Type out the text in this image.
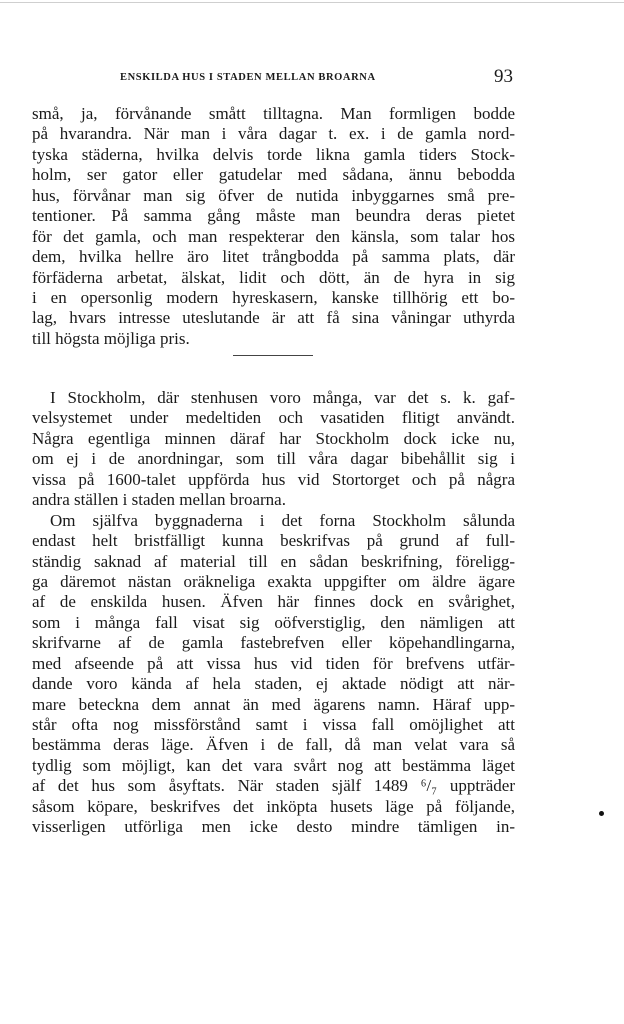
ENSKILDA HUS I STADEN MELLAN BROARNA	93
små, ja, förvånande smått tilltagna. Man formligen bodde
på hvarandra. När man i våra dagar t. ex. i de gamla nord-
tyska städerna, hvilka delvis torde likna gamla tiders Stock-
holm, ser gator eller gatudelar med sådana, ännu bebodda
hus, förvånar man sig öfver de nutida inbyggarnes små pre-
tentioner. På samma gång måste man beundra deras pietet
för det gamla, och man respekterar den känsla, som talar hos
dem, hvilka hellre äro litet trångbodda på samma plats, där
förfäderna arbetat, älskat, lidit och dött, än de hyra in sig
i en opersonlig modern hyreskasern, kanske tillhörig ett bo-
lag, hvars intresse uteslutande är att få sina våningar uthyrda
till högsta möjliga pris.
I Stockholm, där stenhusen voro många, var det s. k. gaf-
velsystemet under medeltiden och vasatiden flitigt användt.
Några egentliga minnen däraf har Stockholm dock icke nu,
om ej i de anordningar, som till våra dagar bibehållit sig i
vissa på 1600-talet uppförda hus vid Stortorget och på några
andra ställen i staden mellan broarna.
Om själfva byggnaderna i det forna Stockholm sålunda
endast helt bristfälligt kunna beskrifvas på grund af full-
ständig saknad af material till en sådan beskrifning, föreligg-
ga däremot nästan oräkneliga exakta uppgifter om äldre ägare
af de enskilda husen. Äfven här finnes dock en svårighet,
som i många fall visat sig oöfverstiglig, den nämligen att
skrifvarne af de gamla fastebrefven eller köpehandlingarna,
med afseende på att vissa hus vid tiden för brefvens utfär-
dande voro kända af hela staden, ej aktade nödigt att när-
mare beteckna dem annat än med ägarens namn. Häraf upp-
står ofta nog missförstånd samt i vissa fall omöjlighet att
bestämma deras läge. Äfven i de fall, då man velat vara så
tydlig som möjligt, kan det vara svårt nog att bestämma läget
af det hus som åsyftats. När staden själf 1489 ⁶/₇ uppträder
såsom köpare, beskrifves det inköpta husets läge på följande,
visserligen utförliga men icke desto mindre tämligen in-
